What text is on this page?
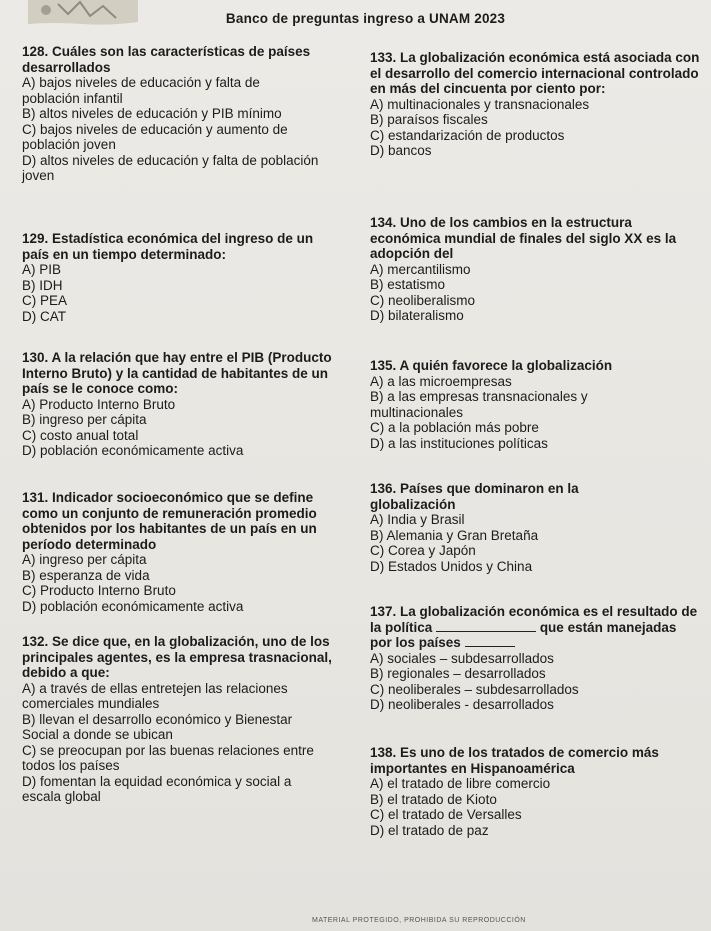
Banco de preguntas ingreso a UNAM 2023
128. Cuáles son las características de países desarrollados
A) bajos niveles de educación y falta de población infantil
B) altos niveles de educación y PIB mínimo
C) bajos niveles de educación y aumento de población joven
D) altos niveles de educación y falta de población joven
129. Estadística económica del ingreso de un país en un tiempo determinado:
A) PIB
B) IDH
C) PEA
D) CAT
130. A la relación que hay entre el PIB (Producto Interno Bruto) y la cantidad de habitantes de un país se le conoce como:
A) Producto Interno Bruto
B) ingreso per cápita
C) costo anual total
D) población económicamente activa
131. Indicador socioeconómico que se define como un conjunto de remuneración promedio obtenidos por los habitantes de un país en un período determinado
A) ingreso per cápita
B) esperanza de vida
C) Producto Interno Bruto
D) población económicamente activa
132. Se dice que, en la globalización, uno de los principales agentes, es la empresa trasnacional, debido a que:
A) a través de ellas entretejen las relaciones comerciales mundiales
B) llevan el desarrollo económico y Bienestar Social a donde se ubican
C) se preocupan por las buenas relaciones entre todos los países
D) fomentan la equidad económica y social a escala global
133. La globalización económica está asociada con el desarrollo del comercio internacional controlado en más del cincuenta por ciento por:
A) multinacionales y transnacionales
B) paraísos fiscales
C) estandarización de productos
D) bancos
134. Uno de los cambios en la estructura económica mundial de finales del siglo XX es la adopción del
A) mercantilismo
B) estatismo
C) neoliberalismo
D) bilateralismo
135. A quién favorece la globalización
A) a las microempresas
B) a las empresas transnacionales y multinacionales
C) a la población más pobre
D) a las instituciones políticas
136. Países que dominaron en la globalización
A) India y Brasil
B) Alemania y Gran Bretaña
C) Corea y Japón
D) Estados Unidos y China
137. La globalización económica es el resultado de la política	que están manejadas por los países
A) sociales – subdesarrollados
B) regionales – desarrollados
C) neoliberales – subdesarrollados
D) neoliberales - desarrollados
138. Es uno de los tratados de comercio más importantes en Hispanoamérica
A) el tratado de libre comercio
B) el tratado de Kioto
C) el tratado de Versalles
D) el tratado de paz
MATERIAL PROTEGIDO, PROHIBIDA SU REPRODUCCIÓN
